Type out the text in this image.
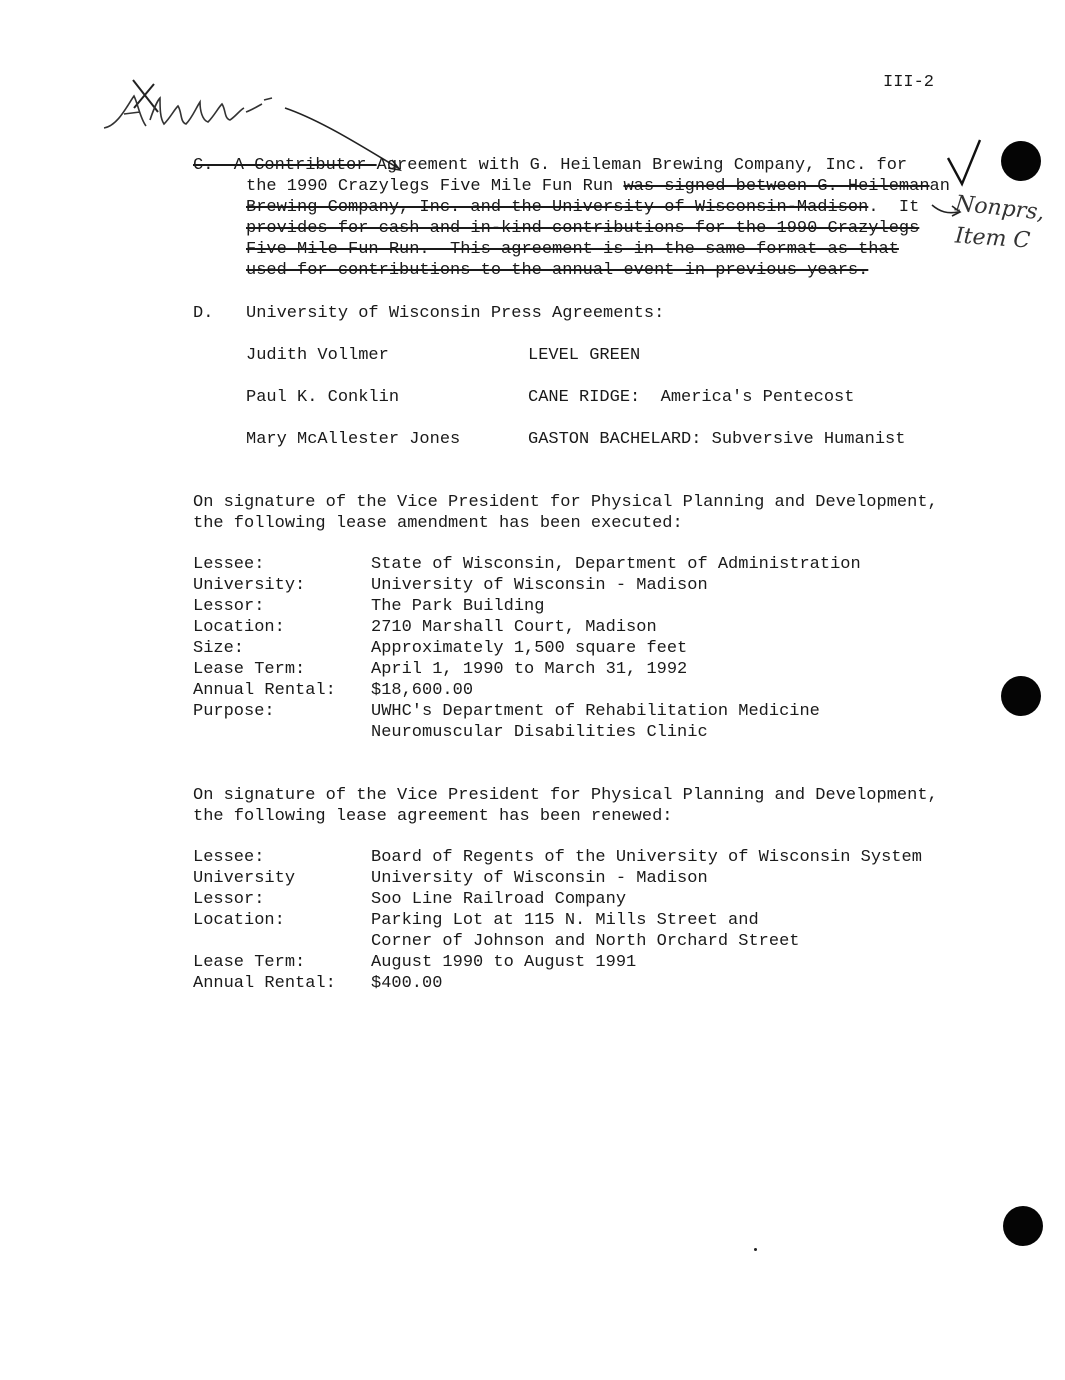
III-2
Nonprs,
Item C
C.  A Contributor Agreement with G. Heileman Brewing Company, Inc. for
the 1990 Crazylegs Five Mile Fun Run was signed between G. Heilemanan
Brewing Company, Inc. and the University of Wisconsin-Madison.  It
provides for cash and in-kind contributions for the 1990 Crazylegs
Five Mile Fun Run.  This agreement is in the same format as that
used for contributions to the annual event in previous years.
D. University of Wisconsin Press Agreements:
Judith Vollmer	LEVEL GREEN
Paul K. Conklin	CANE RIDGE:  America's Pentecost
Mary McAllester Jones	GASTON BACHELARD: Subversive Humanist
On signature of the Vice President for Physical Planning and Development,
the following lease amendment has been executed:
Lessee:	State of Wisconsin, Department of Administration
University:	University of Wisconsin - Madison
Lessor:	The Park Building
Location:	2710 Marshall Court, Madison
Size:	Approximately 1,500 square feet
Lease Term:	April 1, 1990 to March 31, 1992
Annual Rental: $18,600.00
Purpose:	UWHC's Department of Rehabilitation Medicine
Neuromuscular Disabilities Clinic
On signature of the Vice President for Physical Planning and Development,
the following lease agreement has been renewed:
Lessee:	Board of Regents of the University of Wisconsin System
University	University of Wisconsin - Madison
Lessor:	Soo Line Railroad Company
Location:	Parking Lot at 115 N. Mills Street and
Corner of Johnson and North Orchard Street
Lease Term:	August 1990 to August 1991
Annual Rental: $400.00
